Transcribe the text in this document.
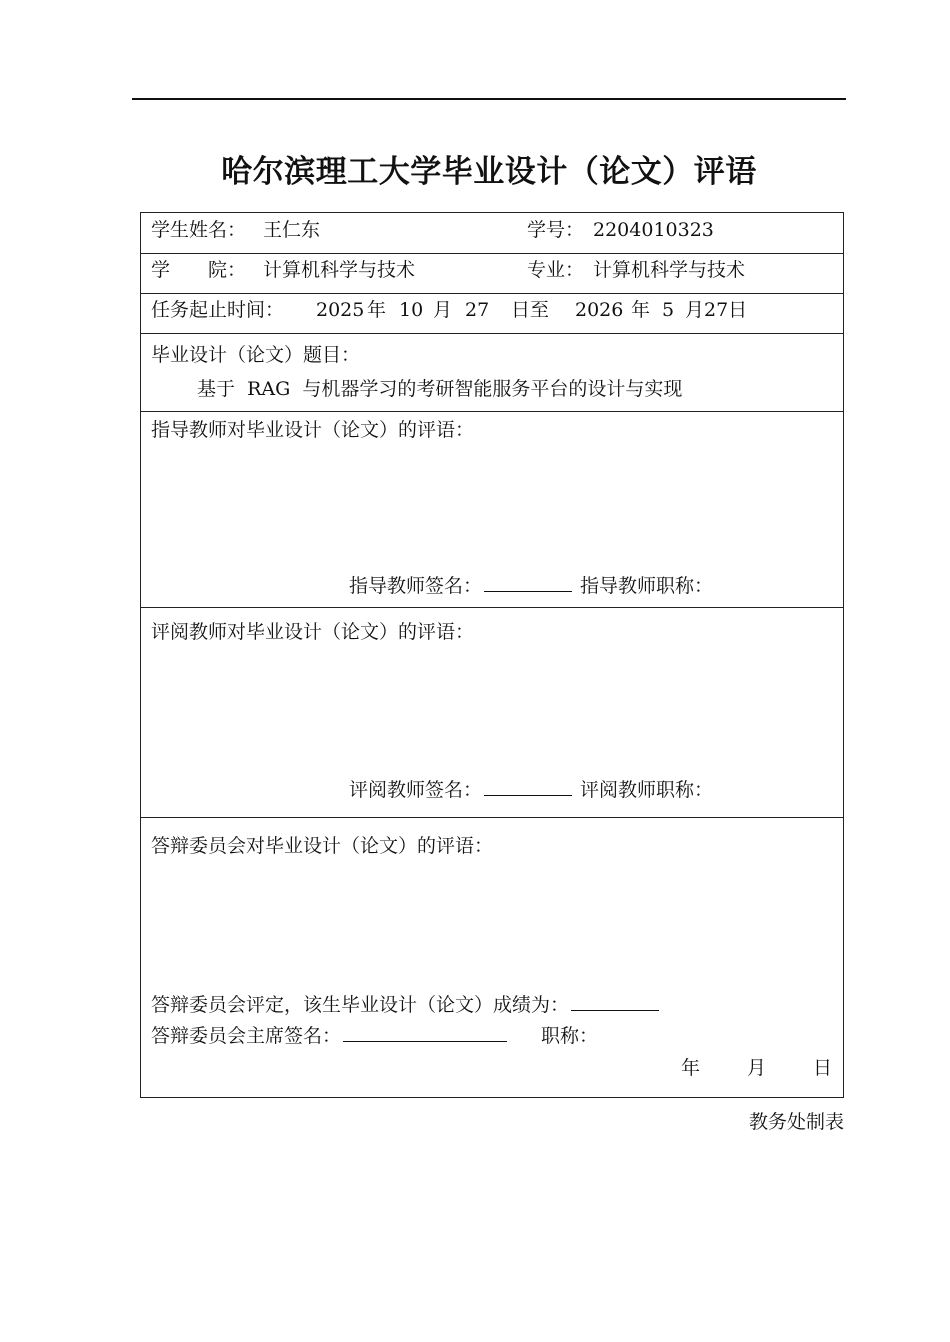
哈尔滨理工大学毕业设计（论文）评语
学生姓名： 王仁东	学号： 2204010323
学　　院： 计算机科学与技术	专业： 计算机科学与技术
任务起止时间： 2025 年 10 月 27 日至 2026 年 5 月27日
毕业设计（论文）题目：
基于  RAG  与机器学习的考研智能服务平台的设计与实现
指导教师对毕业设计（论文）的评语：
指导教师签名：	指导教师职称：
评阅教师对毕业设计（论文）的评语：
评阅教师签名：	评阅教师职称：
答辩委员会对毕业设计（论文）的评语：
答辩委员会评定，该生毕业设计（论文）成绩为：
答辩委员会主席签名：	职称：
年 月 日
教务处制表
